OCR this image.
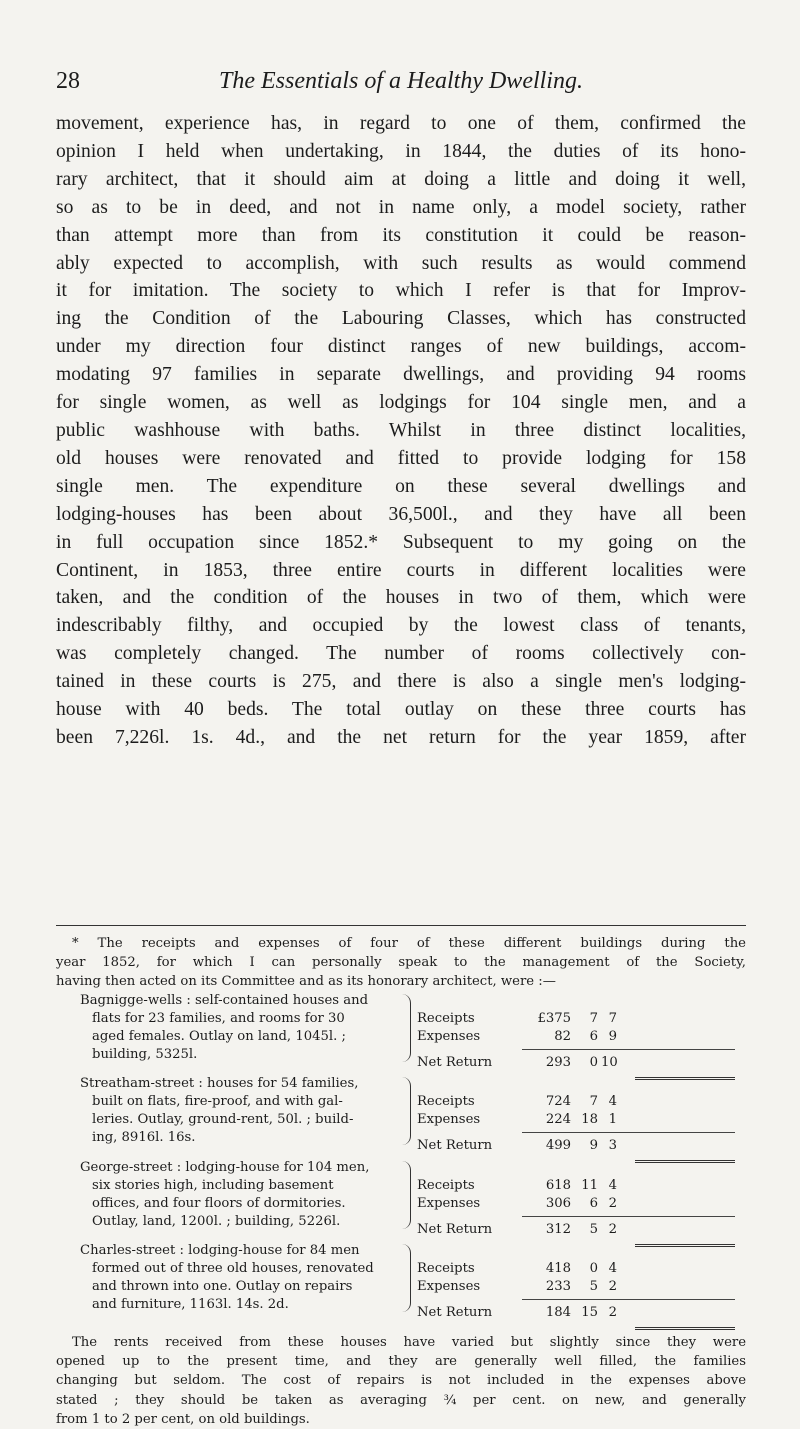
28	The Essentials of a Healthy Dwelling.
movement, experience has, in regard to one of them, confirmed the
opinion I held when undertaking, in 1844, the duties of its hono-
rary architect, that it should aim at doing a little and doing it well,
so as to be in deed, and not in name only, a model society, rather
than attempt more than from its constitution it could be reason-
ably expected to accomplish, with such results as would commend
it for imitation. The society to which I refer is that for Improv-
ing the Condition of the Labouring Classes, which has constructed
under my direction four distinct ranges of new buildings, accom-
modating 97 families in separate dwellings, and providing 94 rooms
for single women, as well as lodgings for 104 single men, and a
public washhouse with baths. Whilst in three distinct localities,
old houses were renovated and fitted to provide lodging for 158
single men. The expenditure on these several dwellings and
lodging-houses has been about 36,500l., and they have all been
in full occupation since 1852.* Subsequent to my going on the
Continent, in 1853, three entire courts in different localities were
taken, and the condition of the houses in two of them, which were
indescribably filthy, and occupied by the lowest class of tenants,
was completely changed. The number of rooms collectively con-
tained in these courts is 275, and there is also a single men's lodging-
house with 40 beds. The total outlay on these three courts has
been 7,226l. 1s. 4d., and the net return for the year 1859, after
* The receipts and expenses of four of these different buildings during the
year 1852, for which I can personally speak to the management of the Society,
having then acted on its Committee and as its honorary architect, were :—
Bagnigge-wells : self-contained houses and
flats for 23 families, and rooms for 30
aged females. Outlay on land, 1045l. ;
building, 5325l.
Receipts	£375	7 7
Expenses	82	6 9
Net Return	293	0 10
Streatham-street : houses for 54 families,
built on flats, fire-proof, and with gal-
leries. Outlay, ground-rent, 50l. ; build-
ing, 8916l. 16s.
Receipts	724	7 4
Expenses	224 18 1
Net Return	499	9 3
George-street : lodging-house for 104 men,
six stories high, including basement
offices, and four floors of dormitories.
Outlay, land, 1200l. ; building, 5226l.
Receipts	618 11 4
Expenses	306	6 2
Net Return	312	5 2
Charles-street : lodging-house for 84 men
formed out of three old houses, renovated
and thrown into one. Outlay on repairs
and furniture, 1163l. 14s. 2d.
Receipts	418	0 4
Expenses	233	5 2
Net Return	184 15 2
The rents received from these houses have varied but slightly since they were
opened up to the present time, and they are generally well filled, the families
changing but seldom. The cost of repairs is not included in the expenses above
stated ; they should be taken as averaging ¾ per cent. on new, and generally
from 1 to 2 per cent, on old buildings.
